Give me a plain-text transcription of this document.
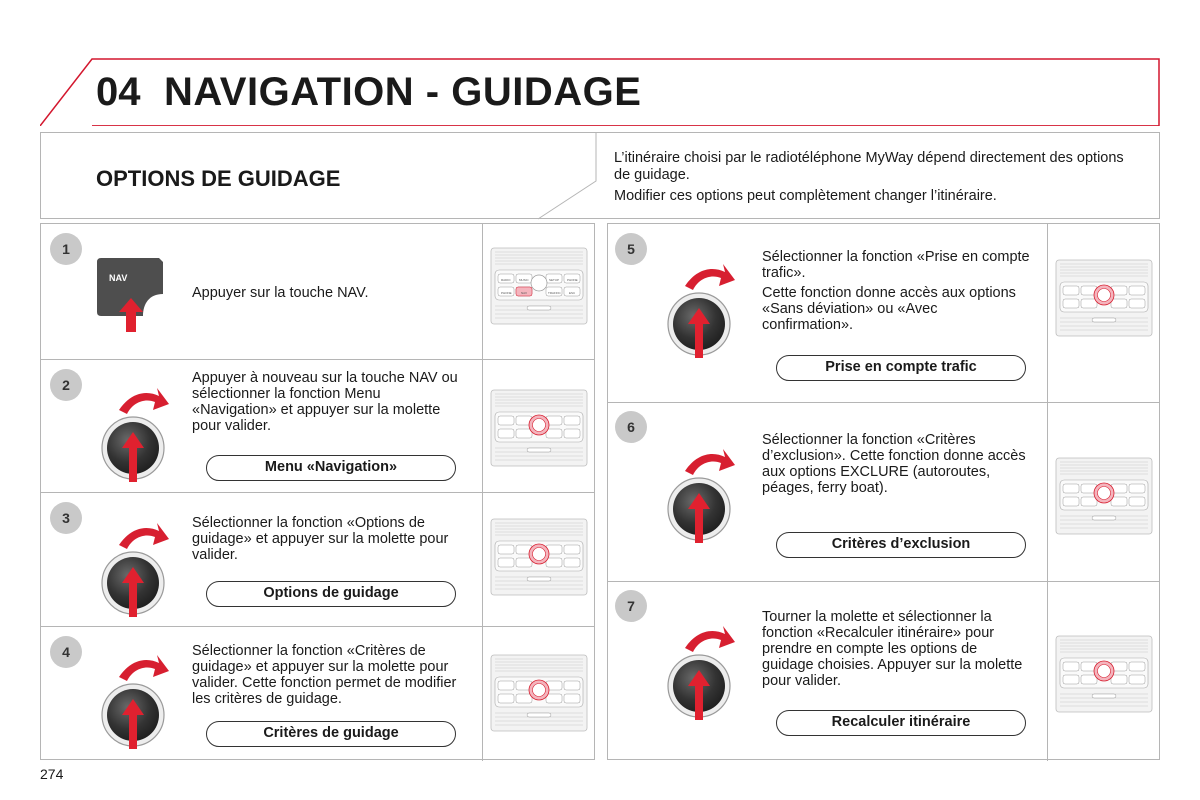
04 NAVIGATION - GUIDAGE
OPTIONS DE GUIDAGE

L’itinéraire choisi par le radiotéléphone MyWay dépend directement des options de guidage.

Modifier ces options peut complètement changer l’itinéraire.

1
NAV

Appuyer sur la touche NAV.

RADIO	MUSIC	SETUP	PHONE
PHONE	NAV	TRAFFIC	ESC
2	Appuyer à nouveau sur la touche NAV ou sélectionner la fonction Menu «Navigation» et appuyer sur la molette pour valider.

Menu «Navigation»
3	Sélectionner la fonction «Options de guidage» et appuyer sur la molette pour valider.

Options de guidage
4	Sélectionner la fonction «Critères de guidage» et appuyer sur la molette pour valider. Cette fonction permet de modifier les critères de guidage.

Critères de guidage
5	Sélectionner la fonction «Prise en compte trafic».

Cette fonction donne accès aux options «Sans déviation» ou «Avec confirmation».

Prise en compte trafic
6

Sélectionner la fonction «Critères d’exclusion». Cette fonction donne accès aux options EXCLURE (autoroutes, péages, ferry boat).

Critères d’exclusion
7

Tourner la molette et sélectionner la fonction «Recalculer itinéraire» pour prendre en compte les options de guidage choisies. Appuyer sur la molette pour valider.

Recalculer itinéraire
274
